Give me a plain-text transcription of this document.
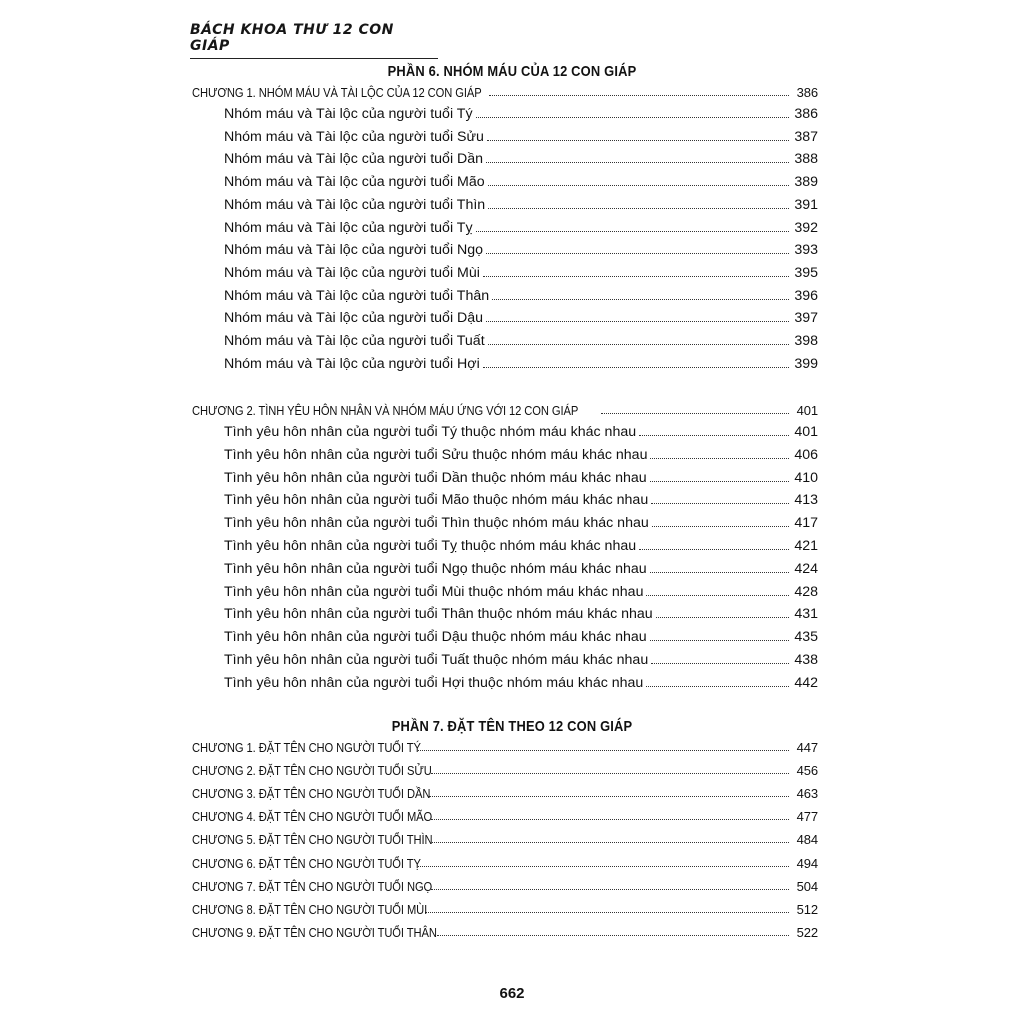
BÁCH KHOA THƯ 12 CON GIÁP
PHẦN 6. NHÓM MÁU CỦA 12 CON GIÁP
CHƯƠNG 1. NHÓM MÁU VÀ TÀI LỘC CỦA 12 CON GIÁP	386
Nhóm máu và Tài lộc của người tuổi Tý	386
Nhóm máu và Tài lộc của người tuổi Sửu	387
Nhóm máu và Tài lộc của người tuổi Dần	388
Nhóm máu và Tài lộc của người tuổi Mão	389
Nhóm máu và Tài lộc của người tuổi Thìn	391
Nhóm máu và Tài lộc của người tuổi Tỵ	392
Nhóm máu và Tài lộc của người tuổi Ngọ	393
Nhóm máu và Tài lộc của người tuổi Mùi	395
Nhóm máu và Tài lộc của người tuổi Thân	396
Nhóm máu và Tài lộc của người tuổi Dậu	397
Nhóm máu và Tài lộc của người tuổi Tuất	398
Nhóm máu và Tài lộc của người tuổi Hợi	399
CHƯƠNG 2. TÌNH YÊU HÔN NHÂN VÀ NHÓM MÁU ỨNG VỚI 12 CON GIÁP	401
Tình yêu hôn nhân của người tuổi Tý thuộc nhóm máu khác nhau	401
Tình yêu hôn nhân của người tuổi Sửu thuộc nhóm máu khác nhau	406
Tình yêu hôn nhân của người tuổi Dần thuộc nhóm máu khác nhau	410
Tình yêu hôn nhân của người tuổi Mão thuộc nhóm máu khác nhau	413
Tình yêu hôn nhân của người tuổi Thìn thuộc nhóm máu khác nhau	417
Tình yêu hôn nhân của người tuổi Tỵ thuộc nhóm máu khác nhau	421
Tình yêu hôn nhân của người tuổi Ngọ thuộc nhóm máu khác nhau	424
Tình yêu hôn nhân của người tuổi Mùi thuộc nhóm máu khác nhau	428
Tình yêu hôn nhân của người tuổi Thân thuộc nhóm máu khác nhau	431
Tình yêu hôn nhân của người tuổi Dậu thuộc nhóm máu khác nhau	435
Tình yêu hôn nhân của người tuổi Tuất thuộc nhóm máu khác nhau	438
Tình yêu hôn nhân của người tuổi Hợi thuộc nhóm máu khác nhau	442
PHẦN 7. ĐẶT TÊN THEO 12 CON GIÁP
CHƯƠNG 1. ĐẶT TÊN CHO NGƯỜI TUỔI TÝ	447
CHƯƠNG 2. ĐẶT TÊN CHO NGƯỜI TUỔI SỬU	456
CHƯƠNG 3. ĐẶT TÊN CHO NGƯỜI TUỔI DẦN	463
CHƯƠNG 4. ĐẶT TÊN CHO NGƯỜI TUỔI MÃO	477
CHƯƠNG 5. ĐẶT TÊN CHO NGƯỜI TUỔI THÌN	484
CHƯƠNG 6. ĐẶT TÊN CHO NGƯỜI TUỔI TỴ	494
CHƯƠNG 7. ĐẶT TÊN CHO NGƯỜI TUỔI NGỌ	504
CHƯƠNG 8. ĐẶT TÊN CHO NGƯỜI TUỔI MÙI	512
CHƯƠNG 9. ĐẶT TÊN CHO NGƯỜI TUỔI THÂN	522
662
